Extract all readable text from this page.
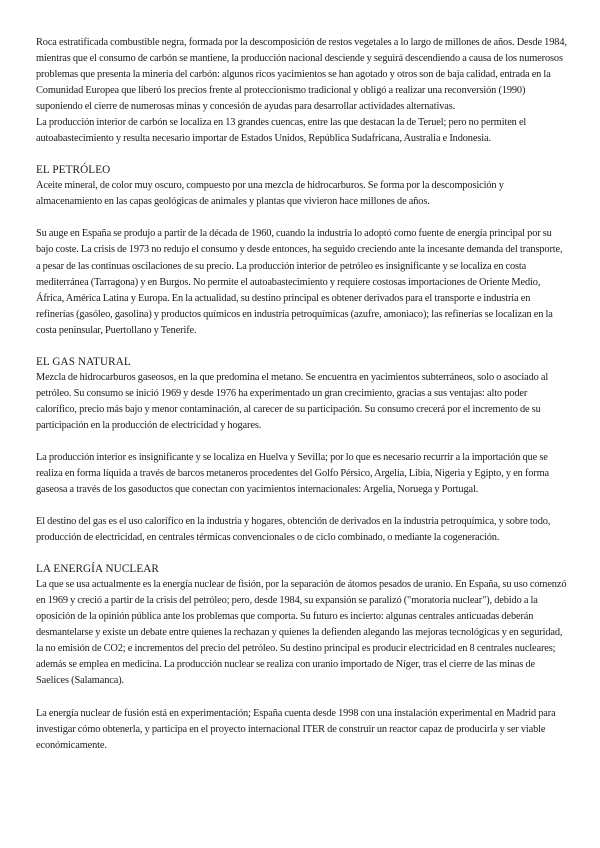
Roca estratificada combustible negra, formada por la descomposición de restos vegetales a lo largo de millones de años. Desde 1984, mientras que el consumo de carbón se mantiene, la producción nacional desciende y seguirá descendiendo a causa de los numerosos problemas que presenta la minería del carbón: algunos ricos yacimientos se han agotado y otros son de baja calidad, entrada en la Comunidad Europea que liberó los precios frente al proteccionismo tradicional y obligó a realizar una reconversión (1990) suponiendo el cierre de numerosas minas y concesión de ayudas para desarrollar actividades alternativas.

La producción interior de carbón se localiza en 13 grandes cuencas, entre las que destacan la de Teruel; pero no permiten el autoabastecimiento y resulta necesario importar de Estados Unidos, República Sudafricana, Australia e Indonesia.

EL PETRÓLEO

Aceite mineral, de color muy oscuro, compuesto por una mezcla de hidrocarburos. Se forma por la descomposición y almacenamiento en las capas geológicas de animales y plantas que vivieron hace millones de años.

Su auge en España se produjo a partir de la década de 1960, cuando la industria lo adoptó como fuente de energía principal por su bajo coste. La crisis de 1973 no redujo el consumo y desde entonces, ha seguido creciendo ante la incesante demanda del transporte, a pesar de las continuas oscilaciones de su precio. La producción interior de petróleo es insignificante y se localiza en costa mediterránea (Tarragona) y en Burgos. No permite el autoabastecimiento y requiere costosas importaciones de Oriente Medio, África, América Latina y Europa. En la actualidad, su destino principal es obtener derivados para el transporte e industria en refinerías (gasóleo, gasolina) y productos químicos en industria petroquímicas (azufre, amoniaco); las refinerías se localizan en la costa peninsular, Puertollano y Tenerife.

EL GAS NATURAL

Mezcla de hidrocarburos gaseosos, en la que predomina el metano. Se encuentra en yacimientos subterráneos, solo o asociado al petróleo. Su consumo se inició 1969 y desde 1976 ha experimentado un gran crecimiento, gracias a sus ventajas: alto poder calorífico, precio más bajo y menor contaminación, al carecer de su participación. Su consumo crecerá por el incremento de su participación en la producción de electricidad y hogares.

La producción interior es insignificante y se localiza en Huelva y Sevilla; por lo que es necesario recurrir a la importación que se realiza en forma líquida a través de barcos metaneros procedentes del Golfo Pérsico, Argelia, Libia, Nigeria y Egipto, y en forma gaseosa a través de los gasoductos que conectan con yacimientos internacionales: Argelia, Noruega y Portugal.

El destino del gas es el uso calorífico en la industria y hogares, obtención de derivados en la industria petroquímica, y sobre todo, producción de electricidad, en centrales térmicas convencionales o de ciclo combinado, o mediante la cogeneración.

LA ENERGÍA NUCLEAR

La que se usa actualmente es la energía nuclear de fisión, por la separación de átomos pesados de uranio. En España, su uso comenzó en 1969 y creció a partir de la crisis del petróleo; pero, desde 1984, su expansión se paralizó ("moratoria nuclear"), debido a la oposición de la opinión pública ante los problemas que comporta. Su futuro es incierto: algunas centrales anticuadas deberán desmantelarse y existe un debate entre quienes la rechazan y quienes la defienden alegando las mejoras tecnológicas y en seguridad, la no emisión de CO2; e incrementos del precio del petróleo. Su destino principal es producir electricidad en 8 centrales nucleares; además se emplea en medicina. La producción nuclear se realiza con uranio importado de Níger, tras el cierre de las minas de Saelices (Salamanca).

La energía nuclear de fusión está en experimentación; España cuenta desde 1998 con una instalación experimental en Madrid para investigar cómo obtenerla, y participa en el proyecto internacional ITER de construir un reactor capaz de producirla y ser viable económicamente.
